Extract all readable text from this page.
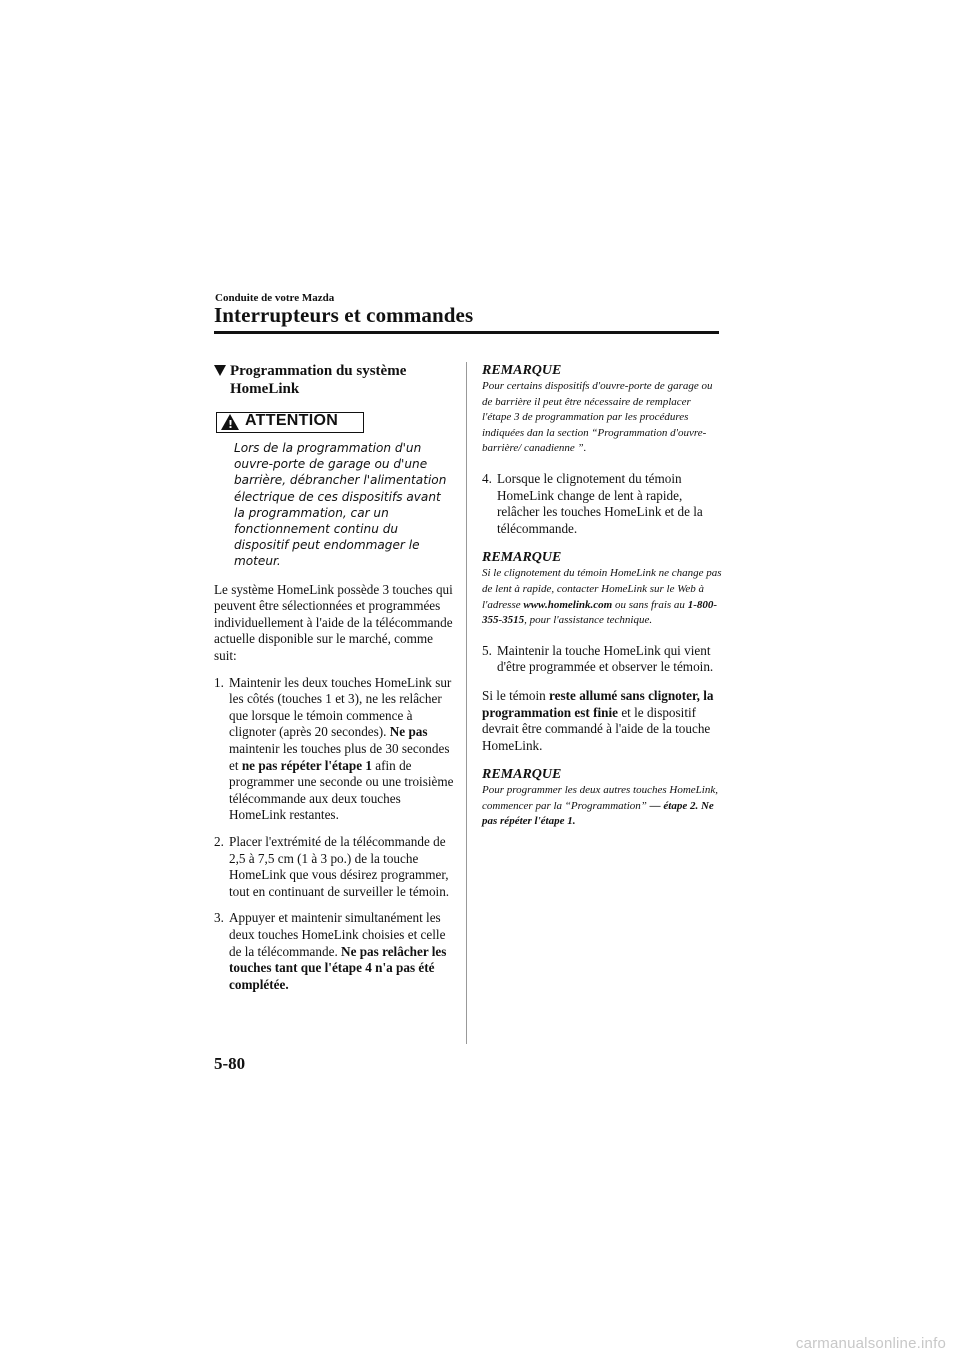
Conduite de votre Mazda
Interrupteurs et commandes
Programmation du système HomeLink
! ATTENTION

Lors de la programmation d'un ouvre-porte de garage ou d'une barrière, débrancher l'alimentation électrique de ces dispositifs avant la programmation, car un fonctionnement continu du dispositif peut endommager le moteur.

Le système HomeLink possède 3 touches qui peuvent être sélectionnées et programmées individuellement à l'aide de la télécommande actuelle disponible sur le marché, comme suit:

1. Maintenir les deux touches HomeLink sur les côtés (touches 1 et 3), ne les relâcher que lorsque le témoin commence à clignoter (après 20 secondes). Ne pas maintenir les touches plus de 30 secondes et ne pas répéter l'étape 1 afin de programmer une seconde ou une troisième télécommande aux deux touches HomeLink restantes.
2. Placer l'extrémité de la télécommande de 2,5 à 7,5 cm (1 à 3 po.) de la touche HomeLink que vous désirez programmer, tout en continuant de surveiller le témoin.
3. Appuyer et maintenir simultanément les deux touches HomeLink choisies et celle de la télécommande. Ne pas relâcher les touches tant que l'étape 4 n'a pas été complétée.
REMARQUE

Pour certains dispositifs d'ouvre-porte de garage ou de barrière il peut être nécessaire de remplacer l'étape 3 de programmation par les procédures indiquées dan la section “Programmation d'ouvre-barrière/ canadienne ”.

4. Lorsque le clignotement du témoin HomeLink change de lent à rapide, relâcher les touches HomeLink et de la télécommande.
REMARQUE

Si le clignotement du témoin HomeLink ne change pas de lent à rapide, contacter HomeLink sur le Web à l'adresse www.homelink.com ou sans frais au 1-800-355-3515, pour l'assistance technique.

5. Maintenir la touche HomeLink qui vient d'être programmée et observer le témoin.

Si le témoin reste allumé sans clignoter, la programmation est finie et le dispositif devrait être commandé à l'aide de la touche HomeLink.

REMARQUE

Pour programmer les deux autres touches HomeLink, commencer par la “Programmation” — étape 2. Ne pas répéter l'étape 1.

5-80
carmanualsonline.info
